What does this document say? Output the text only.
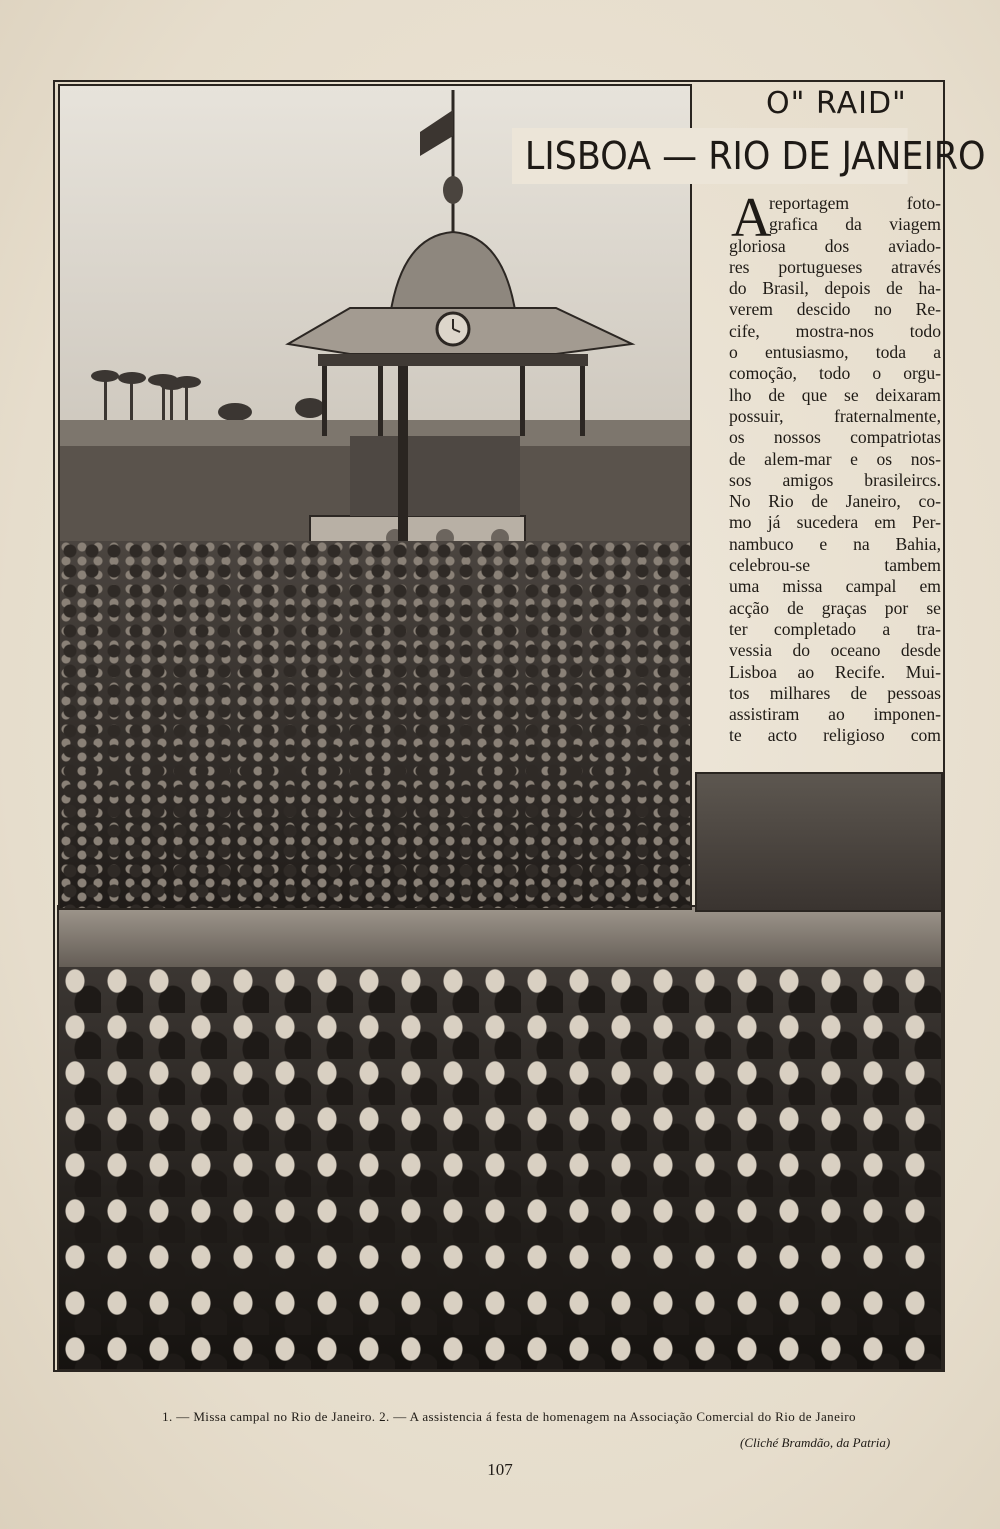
O" RAID"
LISBOA — RIO DE JANEIRO
A
reportagem foto-
grafica da viagem
gloriosa dos aviado-
res portugueses através
do Brasil, depois de ha-
verem descido no Re-
cife, mostra-nos todo
o entusiasmo, toda a
comoção, todo o orgu-
lho de que se deixaram
possuir, fraternalmente,
os nossos compatriotas
de alem-mar e os nos-
sos amigos brasileircs.
No Rio de Janeiro, co-
mo já sucedera em Per-
nambuco e na Bahia,
celebrou-se tambem
uma missa campal em
acção de graças por se
ter completado a tra-
vessia do oceano desde
Lisboa ao Recife. Mui-
tos milhares de pessoas
assistiram ao imponen-
te acto religioso com
1. — Missa campal no Rio de Janeiro. 2. — A assistencia á festa de homenagem na Associação Comercial do Rio de Janeiro
(Cliché Bramdão, da Patria)
107
